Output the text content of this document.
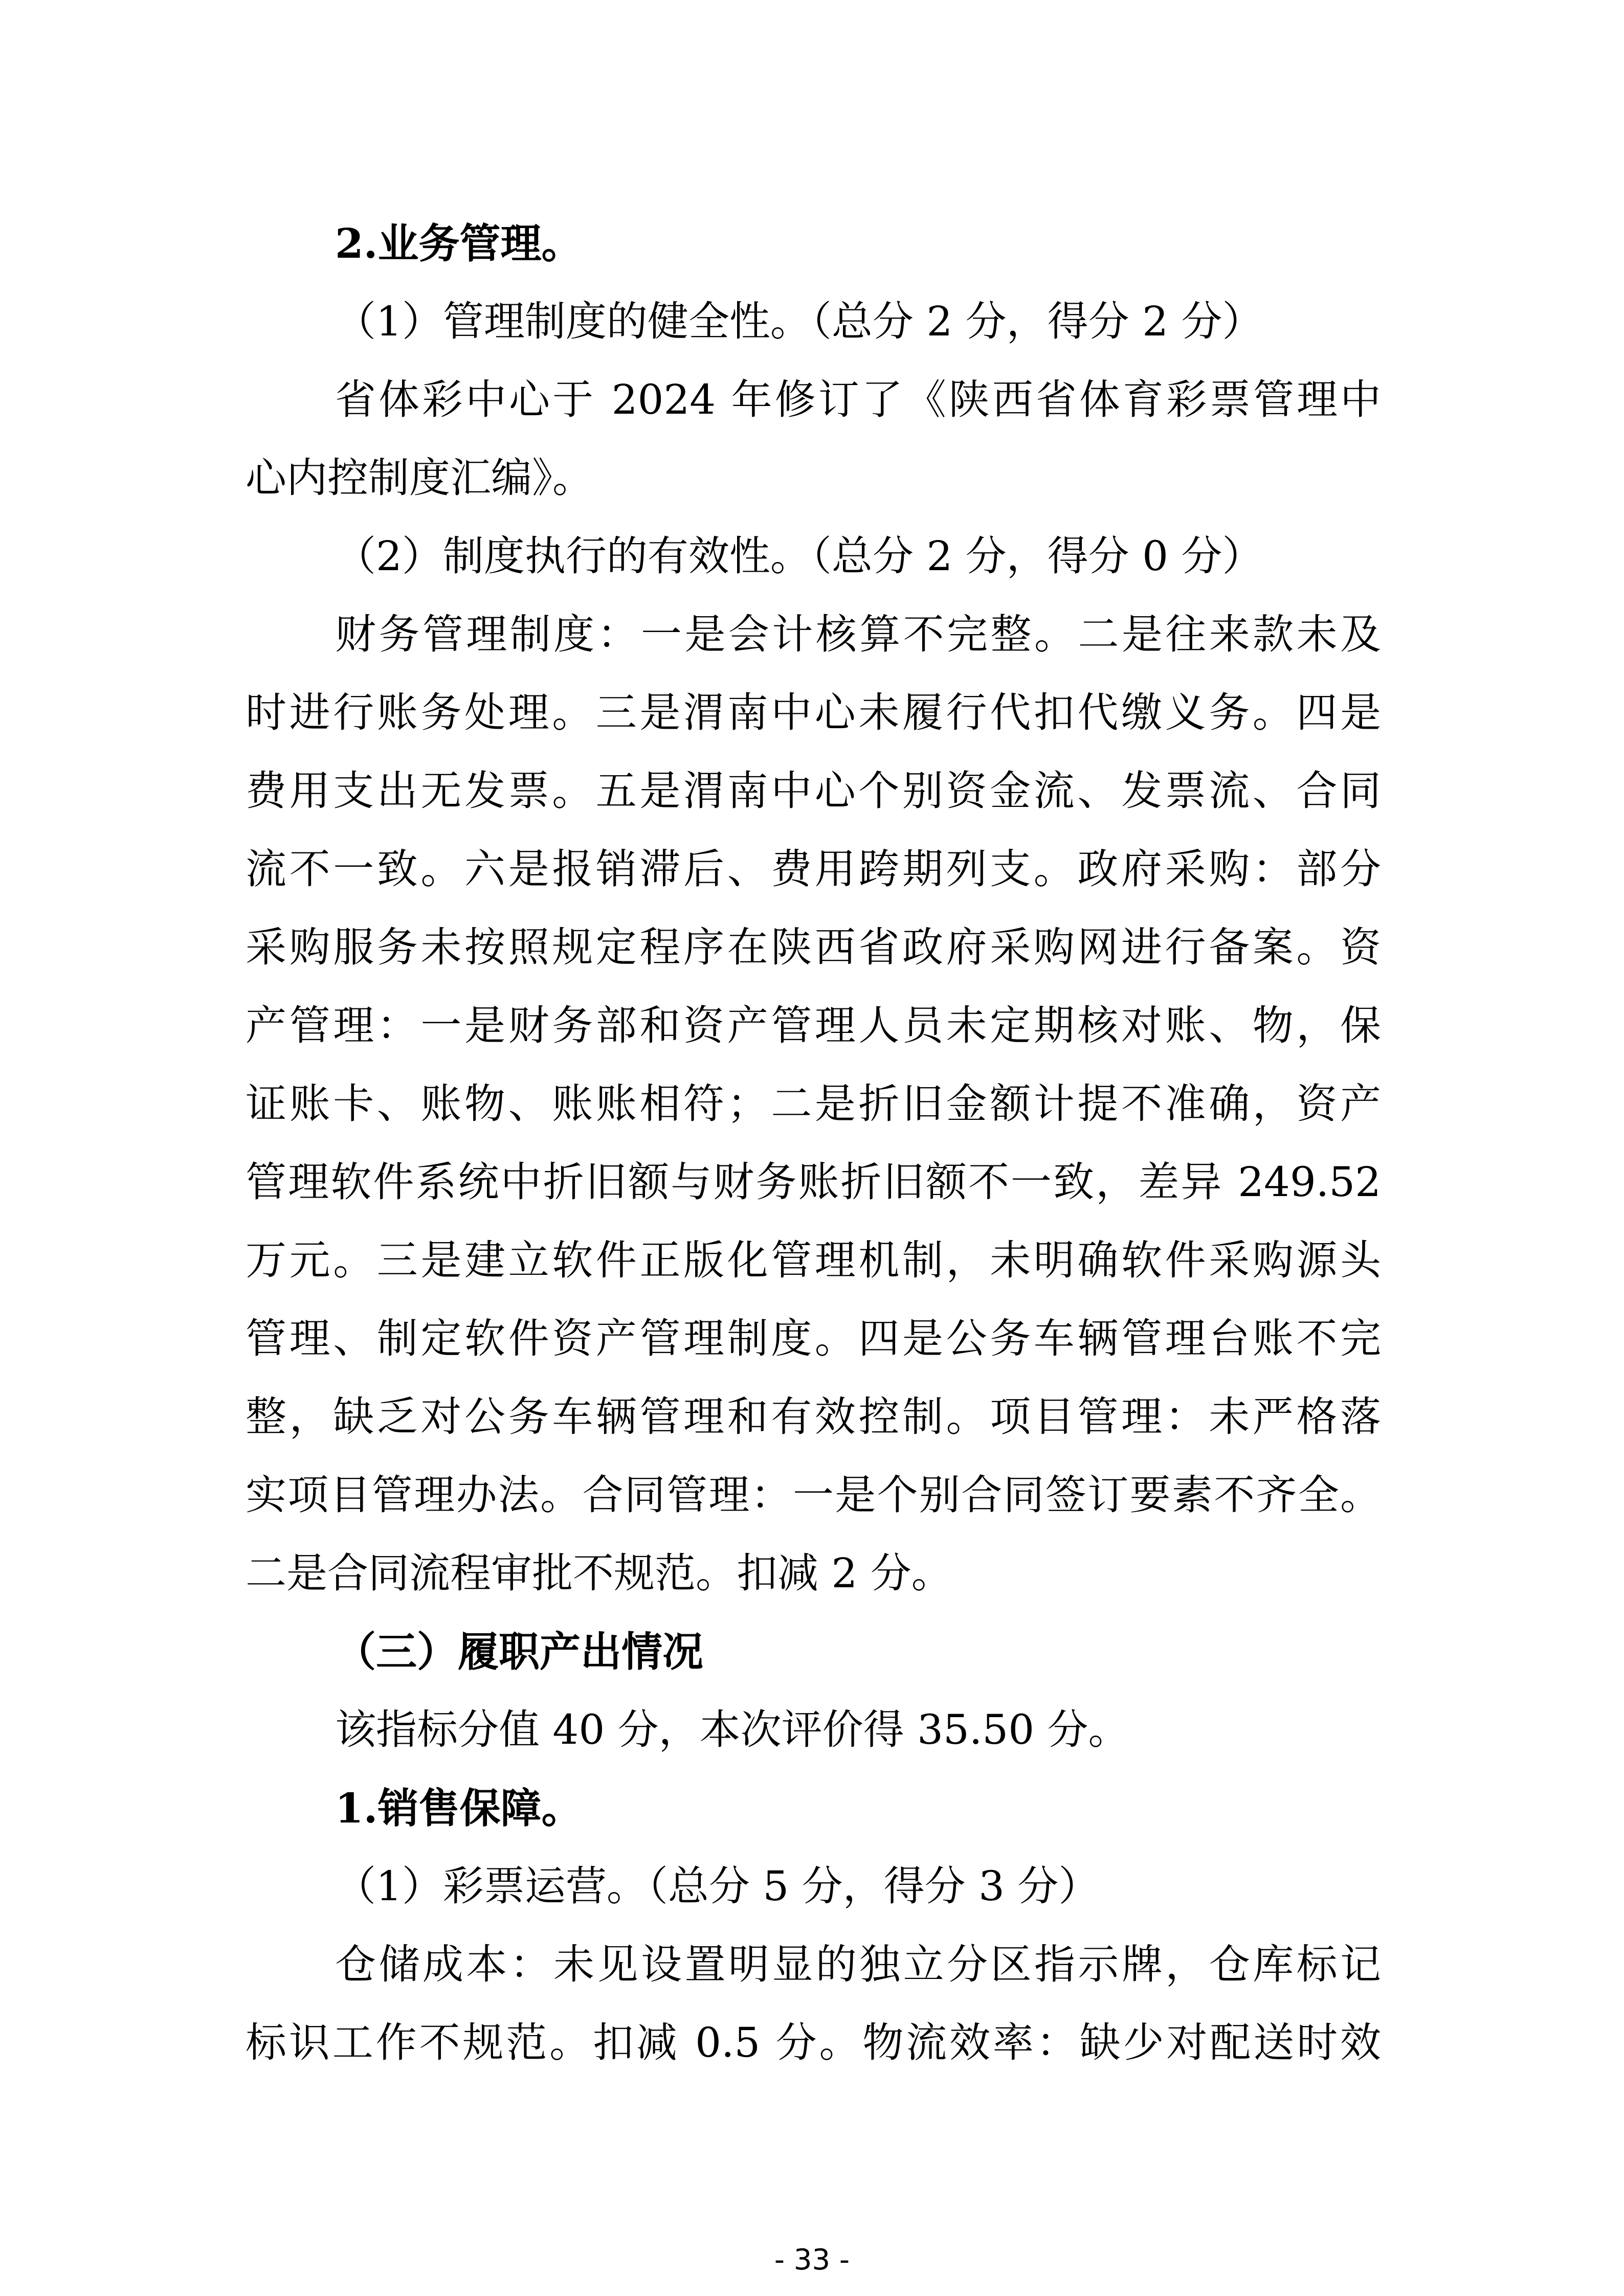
2.业务管理。
（1）管理制度的健全性。（总分 2 分，得分 2 分）
省体彩中心于 2024 年修订了《陕西省体育彩票管理中
心内控制度汇编》。
（2）制度执行的有效性。（总分 2 分，得分 0 分）
财务管理制度：一是会计核算不完整。二是往来款未及
时进行账务处理。三是渭南中心未履行代扣代缴义务。四是
费用支出无发票。五是渭南中心个别资金流、发票流、合同
流不一致。六是报销滞后、费用跨期列支。政府采购：部分
采购服务未按照规定程序在陕西省政府采购网进行备案。资
产管理：一是财务部和资产管理人员未定期核对账、物，保
证账卡、账物、账账相符；二是折旧金额计提不准确，资产
管理软件系统中折旧额与财务账折旧额不一致，差异 249.52
万元。三是建立软件正版化管理机制，未明确软件采购源头
管理、制定软件资产管理制度。四是公务车辆管理台账不完
整，缺乏对公务车辆管理和有效控制。项目管理：未严格落
实项目管理办法。合同管理：一是个别合同签订要素不齐全。
二是合同流程审批不规范。扣减 2 分。
（三）履职产出情况
该指标分值 40 分，本次评价得 35.50 分。
1.销售保障。
（1）彩票运营。（总分 5 分，得分 3 分）
仓储成本：未见设置明显的独立分区指示牌，仓库标记
标识工作不规范。扣减 0.5 分。物流效率：缺少对配送时效
- 33 -
